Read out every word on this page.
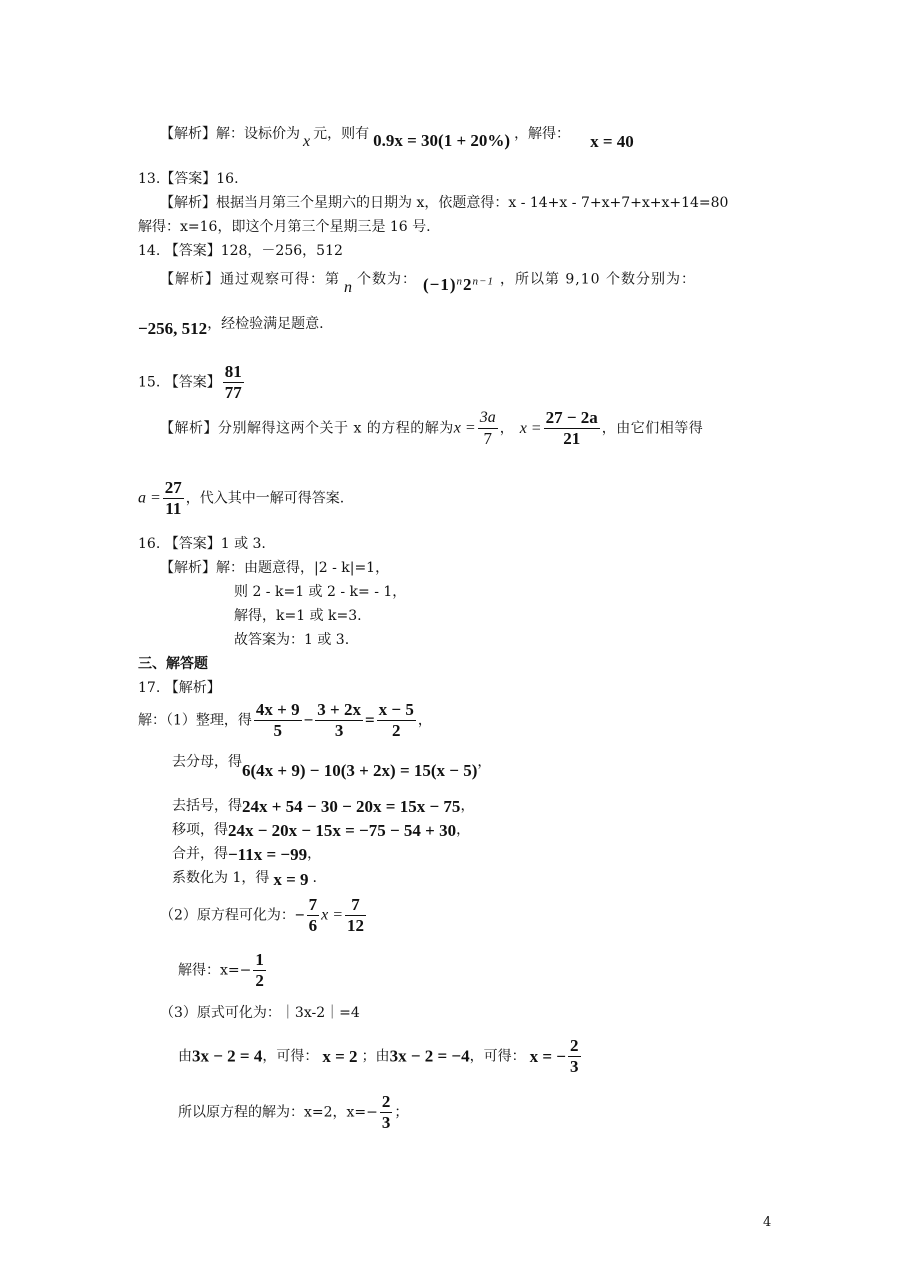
【解析】解：设标价为 x 元，则有 0.9x = 30(1 + 20%) ，解得： x = 40
13.【答案】16.
【解析】根据当月第三个星期六的日期为 x，依题意得：x - 14+x - 7+x+7+x+x+14=80
解得：x=16，即这个月第三个星期三是 16 号.
14. 【答案】128，－256，512
【解析】通过观察可得：第 n 个数为： $(-1)^n2^{n-1}$ ，所以第 9,10 个数分别为：
−256, 512，经检验满足题意.
15. 【答案】 $\frac{81}{77}$
【解析】分别解得这两个关于 x 的方程的解为$x = \frac{3a}{7}$ ， $x = \frac{27 - 2a}{21}$ ，由它们相等得
$a = \frac{27}{11}$ ，代入其中一解可得答案.
16. 【答案】1 或 3.
【解析】解：由题意得，|2 - k|=1，
则 2 - k=1 或 2 - k= - 1，
解得，k=1 或 k=3.
故答案为：1 或 3.
三、解答题
17. 【解析】
解：（1）整理，得 $\frac{4x + 9}{5} - \frac{3 + 2x}{3} = \frac{x - 5}{2}$ ，
去分母，得6(4x + 9) − 10(3 + 2x) = 15(x − 5)，
去括号，得24x + 54 − 30 − 20x = 15x − 75，
移项，得24x − 20x − 15x = −75 − 54 + 30，
合并，得−11x = −99，
系数化为 1，得 x = 9 .
（2）原方程可化为：− $\frac{7}{6}$ $x = \frac{7}{12}$
解得：$x=- \frac{1}{2}$
（3）原式可化为：｜3x-2｜=4
由3x − 2 = 4，可得： x = 2 ；由3x − 2 = −4，可得： x = − $\frac{2}{3}$
所以原方程的解为：x=2，$x=- \frac{2}{3}$ ；
4
